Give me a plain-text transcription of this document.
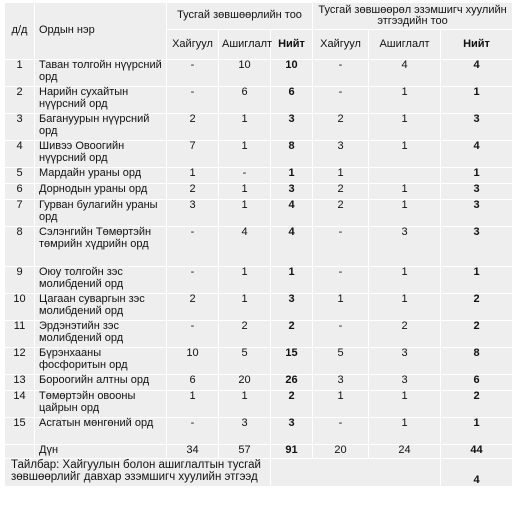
д/д	Ордын нэр	Тусгай зөвшөөрлийн тоо			Тусгай зөвшөөрөл эзэмшигч хуулийн этгээдийн тоо		
		Хайгуул	Ашиглалт	Нийт	Хайгуул	Ашиглалт	Нийт
1	Таван толгойн нүүрсний орд	-	10	10	-	4	4
2	Нарийн сухайтын нүүрсний орд	-	6	6	-	1	1
3	Багануурын нүүрсний орд	2	1	3	2	1	3
4	Шивээ Овоогийн нүүрсний орд	7	1	8	3	1	4
5	Мардайн ураны орд	1	-	1	1		1
6	Дорнодын ураны орд	2	1	3	2	1	3
7	Гурван булагийн ураны орд	3	1	4	2	1	3
8	Сэлэнгийн Төмөртэйн төмрийн хүдрийн орд	-	4	4	-	3	3
9	Оюу толгойн зэс молибдений орд	-	1	1	-	1	1
10	Цагаан суваргын зэс молибдений орд	2	1	3	1	1	2
11	Эрдэнэтийн зэс молибдений орд	-	2	2	-	2	2
12	Бүрэнхааны фосфоритын орд	10	5	15	5	3	8
13	Бороогийн алтны орд	6	20	26	3	3	6
14	Төмөртэйн овооны цайрын орд	1	1	2	1	1	2
15	Асгатын мөнгөний орд	-	3	3	-	1	1
	Дүн	34	57	91	20	24	44
Тайлбар: Хайгуулын болон ашиглалтын тусгай зөвшөөрлийг давхар эзэмшигч хуулийн этгээд							4
